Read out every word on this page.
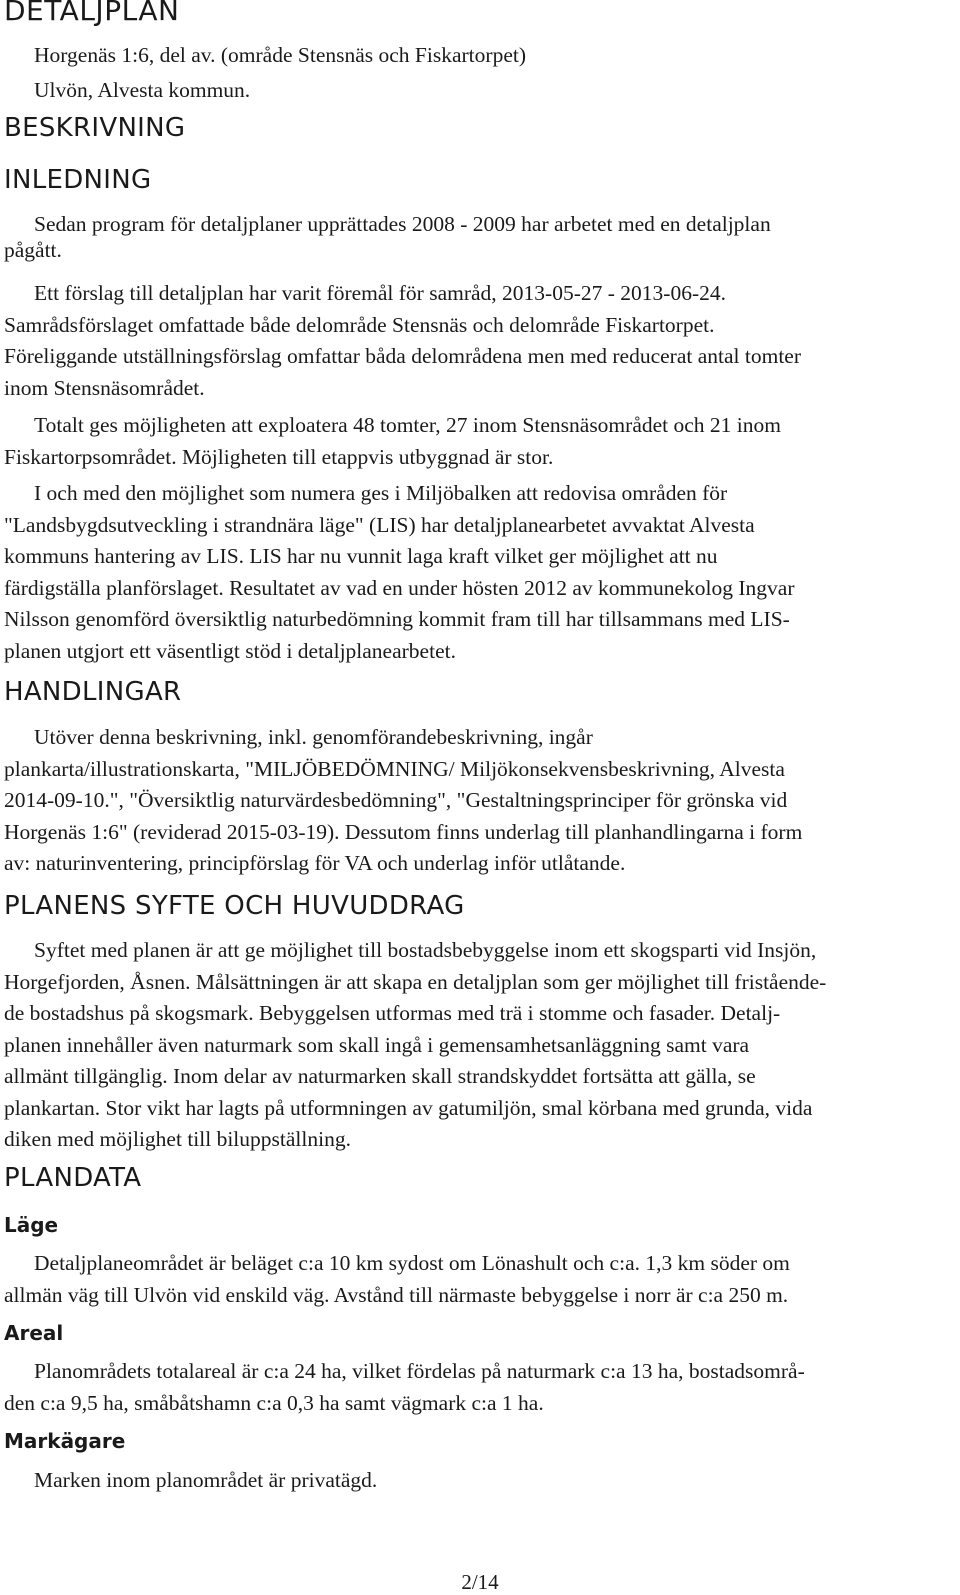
DETALJPLAN

Horgenäs 1:6, del av. (område Stensnäs och Fiskartorpet)

Ulvön, Alvesta kommun.

BESKRIVNING
INLEDNING
Sedan program för detaljplaner upprättades 2008 - 2009 har arbetet med en detaljplan
pågått.
Ett förslag till detaljplan har varit föremål för samråd, 2013-05-27 - 2013-06-24.
Samrådsförslaget omfattade både delområde Stensnäs och delområde Fiskartorpet.
Föreliggande utställningsförslag omfattar båda delområdena men med reducerat antal tomter
inom Stensnäsområdet.
Totalt ges möjligheten att exploatera 48 tomter, 27 inom Stensnäsområdet och 21 inom
Fiskartorpsområdet. Möjligheten till etappvis utbyggnad är stor.
I och med den möjlighet som numera ges i Miljöbalken att redovisa områden för
"Landsbygdsutveckling i strandnära läge" (LIS) har detaljplanearbetet avvaktat Alvesta
kommuns hantering av LIS. LIS har nu vunnit laga kraft vilket ger möjlighet att nu
färdigställa planförslaget. Resultatet av vad en under hösten 2012 av kommunekolog Ingvar
Nilsson genomförd översiktlig naturbedömning kommit fram till har tillsammans med LIS-
planen utgjort ett väsentligt stöd i detaljplanearbetet.
HANDLINGAR
Utöver denna beskrivning, inkl. genomförandebeskrivning, ingår
plankarta/illustrationskarta, "MILJÖBEDÖMNING/ Miljökonsekvensbeskrivning, Alvesta
2014-09-10.", "Översiktlig naturvärdesbedömning", "Gestaltningsprinciper för grönska vid
Horgenäs 1:6" (reviderad 2015-03-19). Dessutom finns underlag till planhandlingarna i form
av: naturinventering, principförslag för VA och underlag inför utlåtande.
PLANENS SYFTE OCH HUVUDDRAG
Syftet med planen är att ge möjlighet till bostadsbebyggelse inom ett skogsparti vid Insjön,
Horgefjorden, Åsnen. Målsättningen är att skapa en detaljplan som ger möjlighet till fristående-
de bostadshus på skogsmark. Bebyggelsen utformas med trä i stomme och fasader. Detalj-
planen innehåller även naturmark som skall ingå i gemensamhetsanläggning samt vara
allmänt tillgänglig. Inom delar av naturmarken skall strandskyddet fortsätta att gälla, se
plankartan. Stor vikt har lagts på utformningen av gatumiljön, smal körbana med grunda, vida
diken med möjlighet till biluppställning.
PLANDATA
Läge
Detaljplaneområdet är beläget c:a 10 km sydost om Lönashult och c:a. 1,3 km söder om
allmän väg till Ulvön vid enskild väg. Avstånd till närmaste bebyggelse i norr är c:a 250 m.
Areal
Planområdets totalareal är c:a 24 ha, vilket fördelas på naturmark c:a 13 ha, bostadsområ-
den c:a 9,5 ha, småbåtshamn c:a 0,3 ha samt vägmark c:a 1 ha.
Markägare
Marken inom planområdet är privatägd.
2/14
